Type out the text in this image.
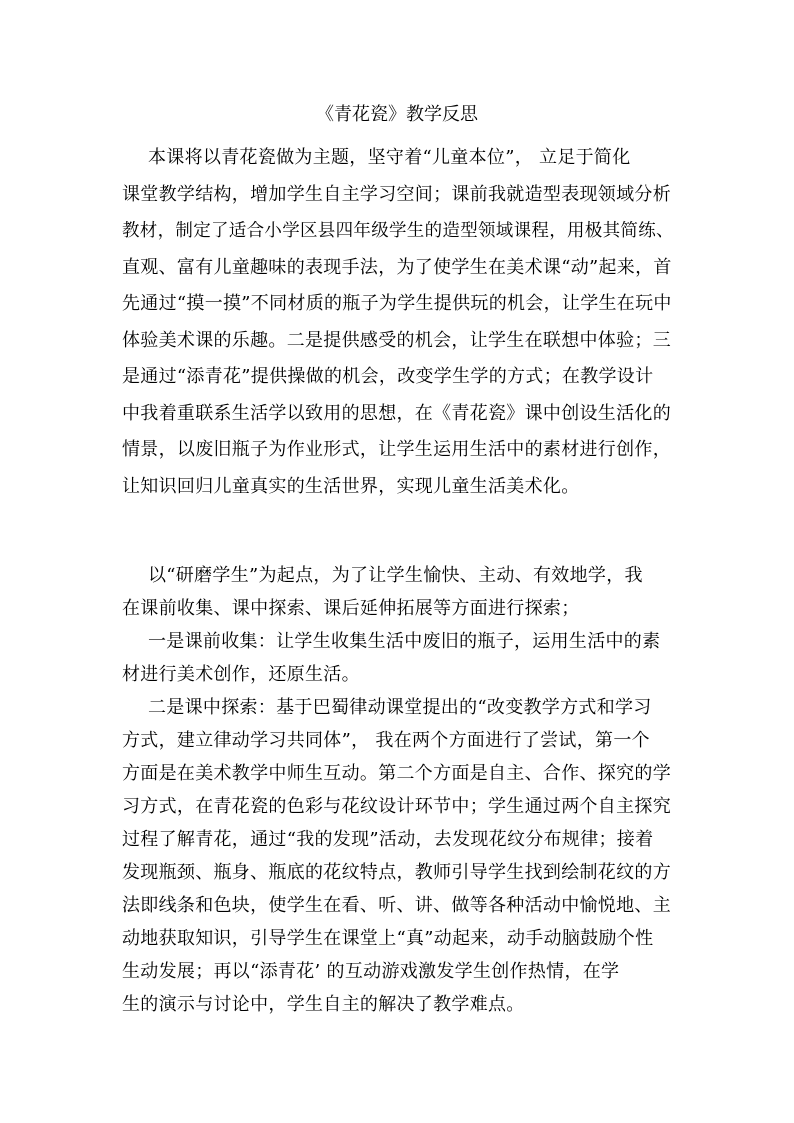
《青花瓷》教学反思
本课将以青花瓷做为主题，坚守着“儿童本位”， 立足于简化
课堂教学结构，增加学生自主学习空间；课前我就造型表现领域分析
教材，制定了适合小学区县四年级学生的造型领域课程，用极其简练、
直观、富有儿童趣味的表现手法，为了使学生在美术课“动”起来，首
先通过“摸一摸”不同材质的瓶子为学生提供玩的机会，让学生在玩中
体验美术课的乐趣。二是提供感受的机会，让学生在联想中体验；三
是通过“添青花”提供操做的机会，改变学生学的方式；在教学设计
中我着重联系生活学以致用的思想，在《青花瓷》课中创设生活化的
情景，以废旧瓶子为作业形式，让学生运用生活中的素材进行创作，
让知识回归儿童真实的生活世界，实现儿童生活美术化。
以“研磨学生”为起点，为了让学生愉快、主动、有效地学，我
在课前收集、课中探索、课后延伸拓展等方面进行探索；
一是课前收集：让学生收集生活中废旧的瓶子，运用生活中的素
材进行美术创作，还原生活。
二是课中探索：基于巴蜀律动课堂提出的“改变教学方式和学习
方式，建立律动学习共同体”， 我在两个方面进行了尝试，第一个
方面是在美术教学中师生互动。第二个方面是自主、合作、探究的学
习方式，在青花瓷的色彩与花纹设计环节中；学生通过两个自主探究
过程了解青花，通过“我的发现”活动，去发现花纹分布规律；接着
发现瓶颈、瓶身、瓶底的花纹特点，教师引导学生找到绘制花纹的方
法即线条和色块，使学生在看、听、讲、做等各种活动中愉悦地、主
动地获取知识，引导学生在课堂上“真”动起来，动手动脑鼓励个性
生动发展；再以“添青花’ 的互动游戏激发学生创作热情，在学
生的演示与讨论中，学生自主的解决了教学难点。
